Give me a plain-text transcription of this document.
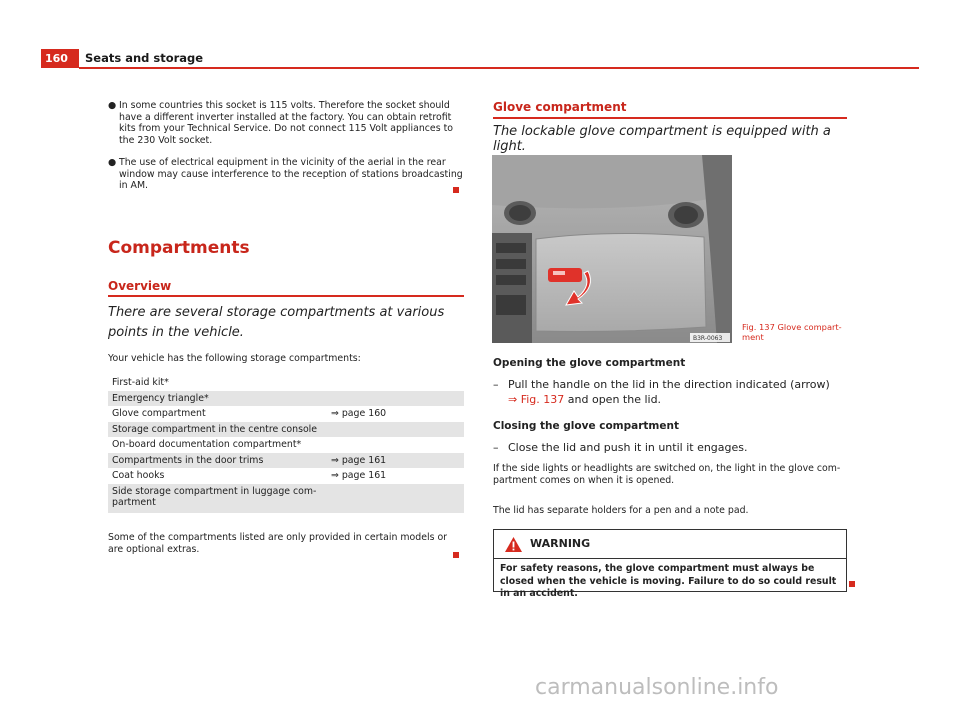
160	Seats and storage
● In some countries this socket is 115 volts. Therefore the socket should have a different inverter installed at the factory. You can obtain retrofit kits from your Technical Service. Do not connect 115 Volt appliances to the 230 Volt socket.
● The use of electrical equipment in the vicinity of the aerial in the rear window may cause interference to the reception of stations broadcasting in AM.
Compartments
Overview
There are several storage compartments at various points in the vehicle.
Your vehicle has the following storage compartments:
First-aid kit*
Emergency triangle*
Glove compartment	⇒ page 160
Storage compartment in the centre console
On-board documentation compartment*
Compartments in the door trims	⇒ page 161
Coat hooks	⇒ page 161
Side storage compartment in luggage com-
partment
Some of the compartments listed are only provided in certain models or are optional extras.
Glove compartment
The lockable glove compartment is equipped with a light.
B3R-0063
Fig. 137 Glove compart-
ment
Opening the glove compartment
– Pull the handle on the lid in the direction indicated (arrow)
⇒ Fig. 137 and open the lid.
Closing the glove compartment
– Close the lid and push it in until it engages.
If the side lights or headlights are switched on, the light in the glove com-partment comes on when it is opened.
The lid has separate holders for a pen and a note pad.
WARNING
For safety reasons, the glove compartment must always be closed when the vehicle is moving. Failure to do so could result in an accident.
carmanualsonline.info
